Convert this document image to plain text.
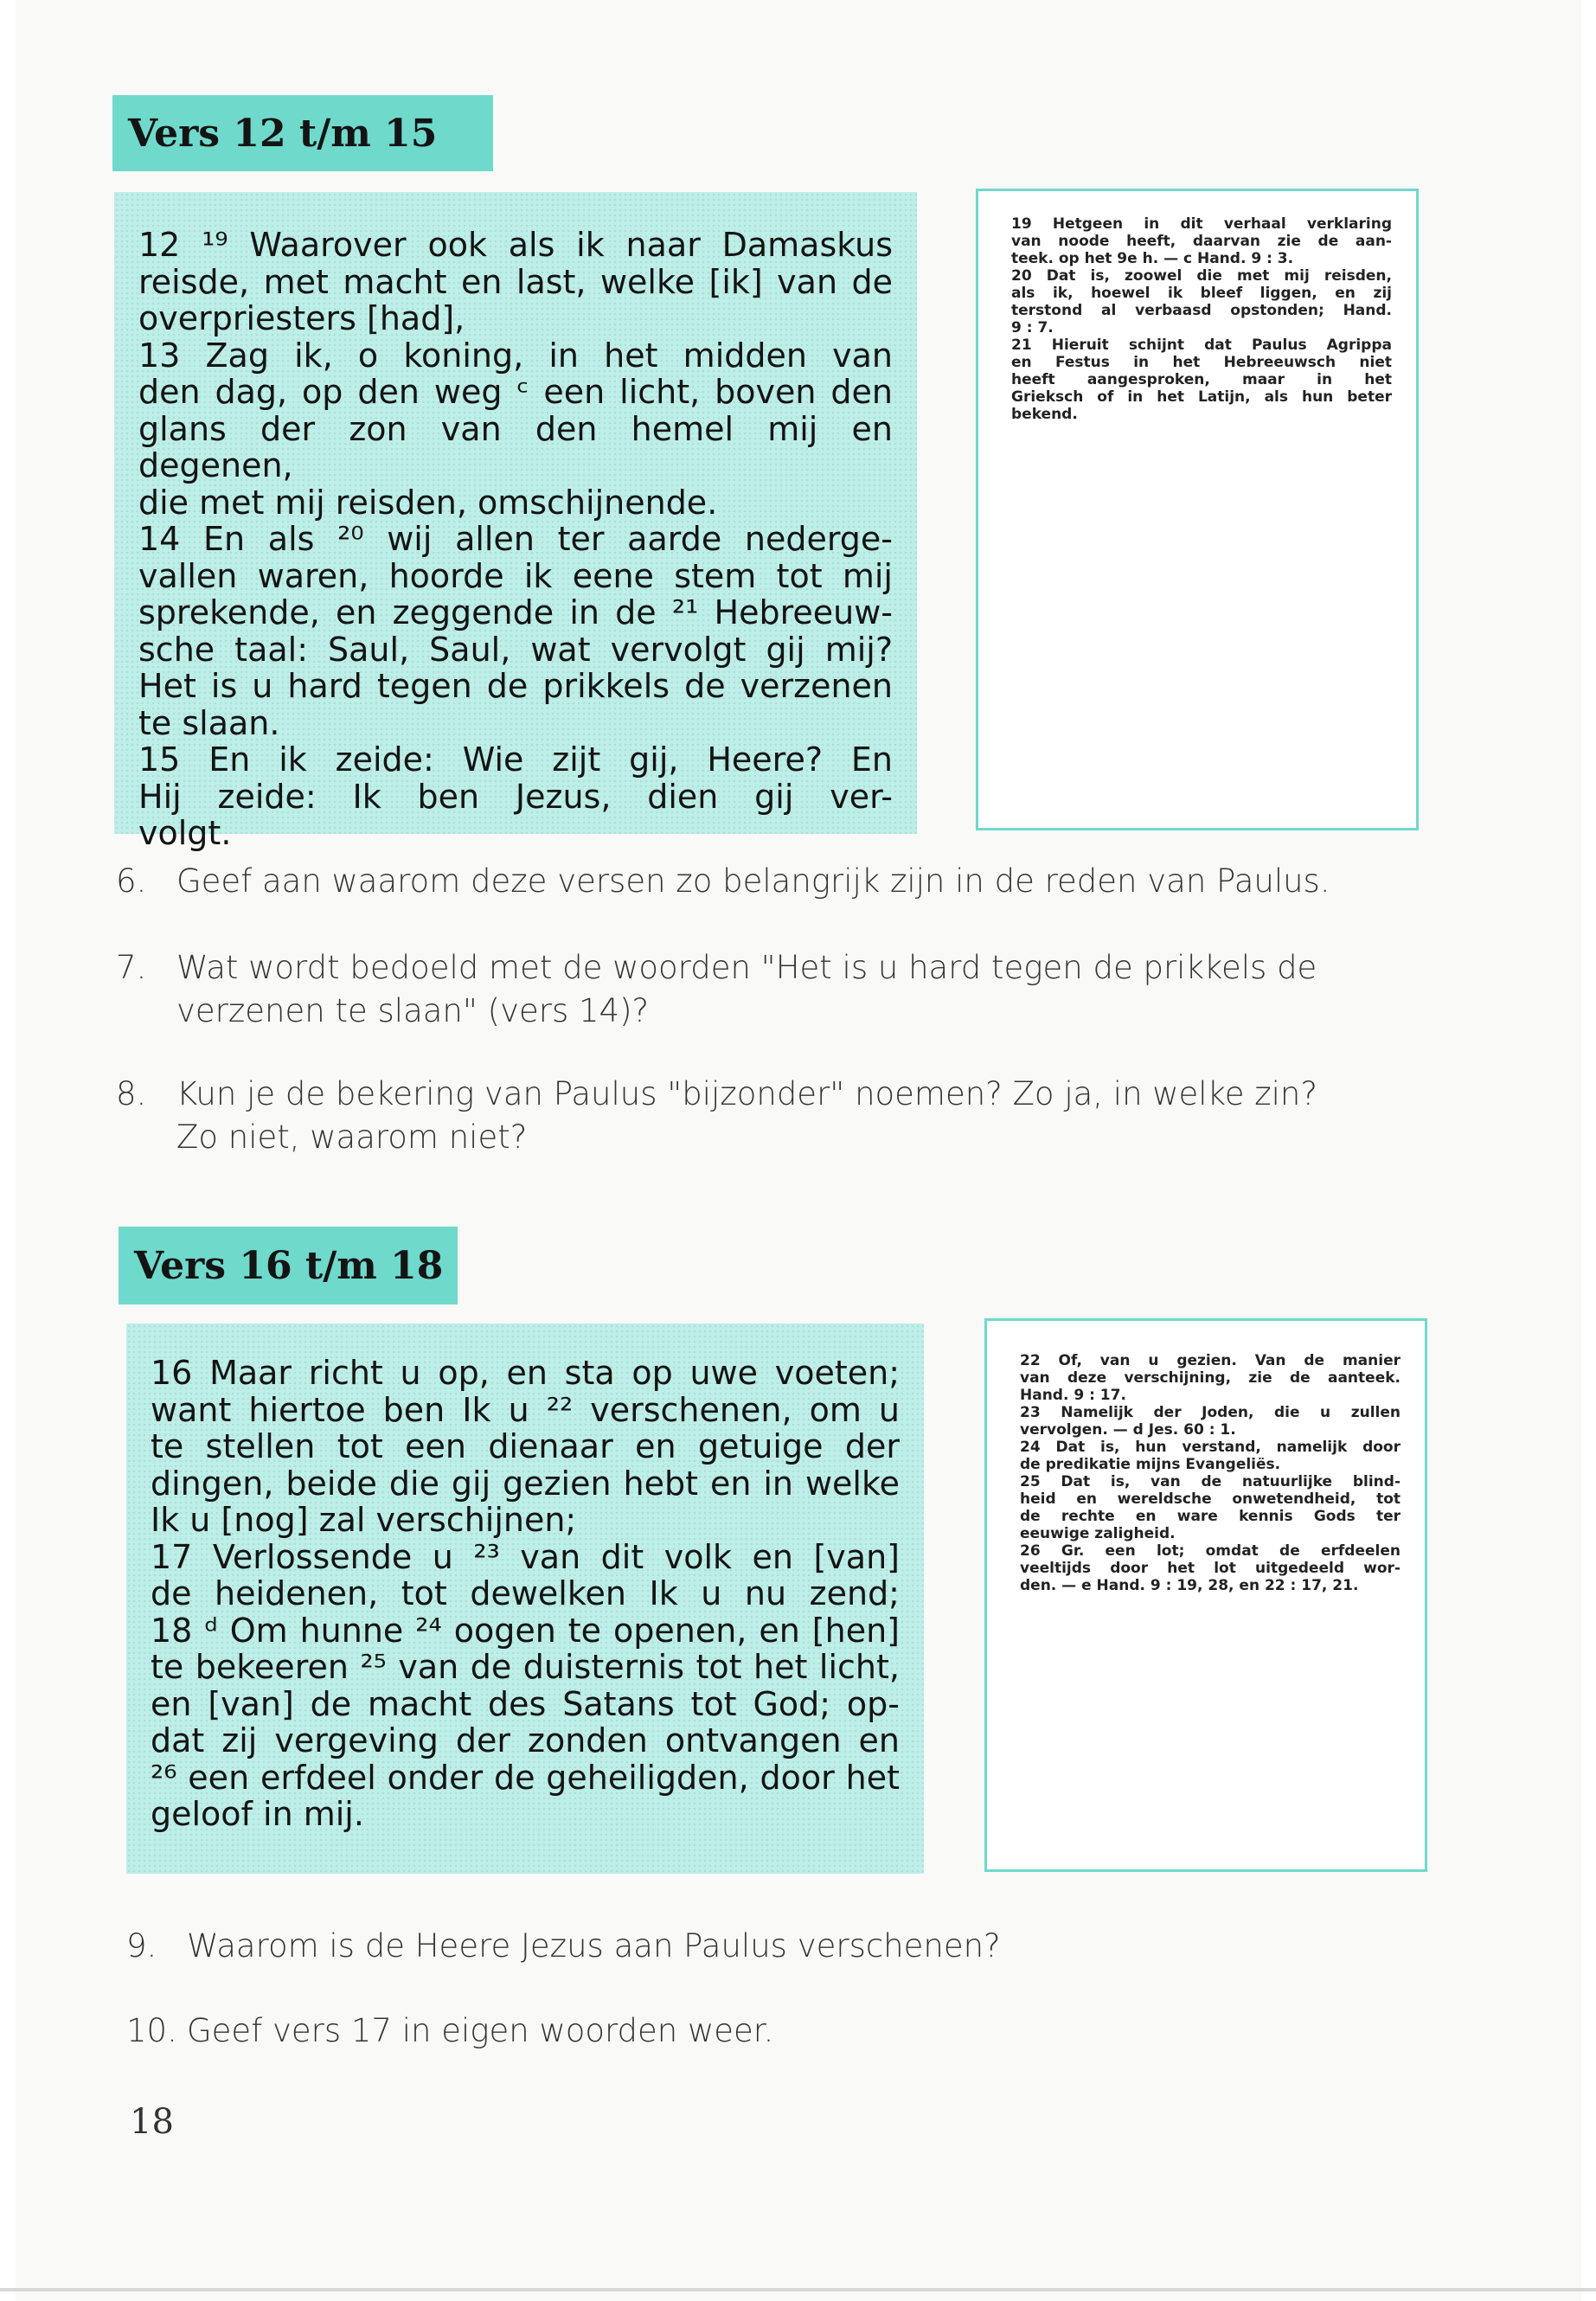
Vers 12 t/m 15
12 ¹⁹ Waarover ook als ik naar Damaskus
reisde, met macht en last, welke [ik] van de
overpriesters [had],
13 Zag ik, o koning, in het midden van
den dag, op den weg ᶜ een licht, boven den
glans der zon van den hemel mij en degenen,
die met mij reisden, omschijnende.
14 En als ²⁰ wij allen ter aarde nederge-
vallen waren, hoorde ik eene stem tot mij
sprekende, en zeggende in de ²¹ Hebreeuw-
sche taal: Saul, Saul, wat vervolgt gij mij?
Het is u hard tegen de prikkels de verzenen
te slaan.
15 En ik zeide: Wie zijt gij, Heere? En
Hij zeide: Ik ben Jezus, dien gij ver-
volgt.
19 Hetgeen in dit verhaal verklaring
van noode heeft, daarvan zie de aan-
teek. op het 9e h. — c Hand. 9 : 3.
20 Dat is, zoowel die met mij reisden,
als ik, hoewel ik bleef liggen, en zij
terstond al verbaasd opstonden; Hand.
9 : 7.
21 Hieruit schijnt dat Paulus Agrippa
en Festus in het Hebreeuwsch niet
heeft aangesproken, maar in het
Grieksch of in het Latijn, als hun beter
bekend.
6. Geef aan waarom deze versen zo belangrijk zijn in de reden van Paulus.
7. Wat wordt bedoeld met de woorden "Het is u hard tegen de prikkels de
verzenen te slaan" (vers 14)?
8. Kun je de bekering van Paulus "bijzonder" noemen? Zo ja, in welke zin?
Zo niet, waarom niet?
Vers 16 t/m 18
16 Maar richt u op, en sta op uwe voeten;
want hiertoe ben Ik u ²² verschenen, om u
te stellen tot een dienaar en getuige der
dingen, beide die gij gezien hebt en in welke
Ik u [nog] zal verschijnen;
17 Verlossende u ²³ van dit volk en [van]
de heidenen, tot dewelken Ik u nu zend;
18 ᵈ Om hunne ²⁴ oogen te openen, en [hen]
te bekeeren ²⁵ van de duisternis tot het licht,
en [van] de macht des Satans tot God; op-
dat zij vergeving der zonden ontvangen en
²⁶ een erfdeel onder de geheiligden, door het
geloof in mij.
22 Of, van u gezien. Van de manier
van deze verschijning, zie de aanteek.
Hand. 9 : 17.
23 Namelijk der Joden, die u zullen
vervolgen. — d Jes. 60 : 1.
24 Dat is, hun verstand, namelijk door
de predikatie mijns Evangeliës.
25 Dat is, van de natuurlijke blind-
heid en wereldsche onwetendheid, tot
de rechte en ware kennis Gods ter
eeuwige zaligheid.
26 Gr. een lot; omdat de erfdeelen
veeltijds door het lot uitgedeeld wor-
den. — e Hand. 9 : 19, 28, en 22 : 17, 21.
9. Waarom is de Heere Jezus aan Paulus verschenen?
10. Geef vers 17 in eigen woorden weer.
18
